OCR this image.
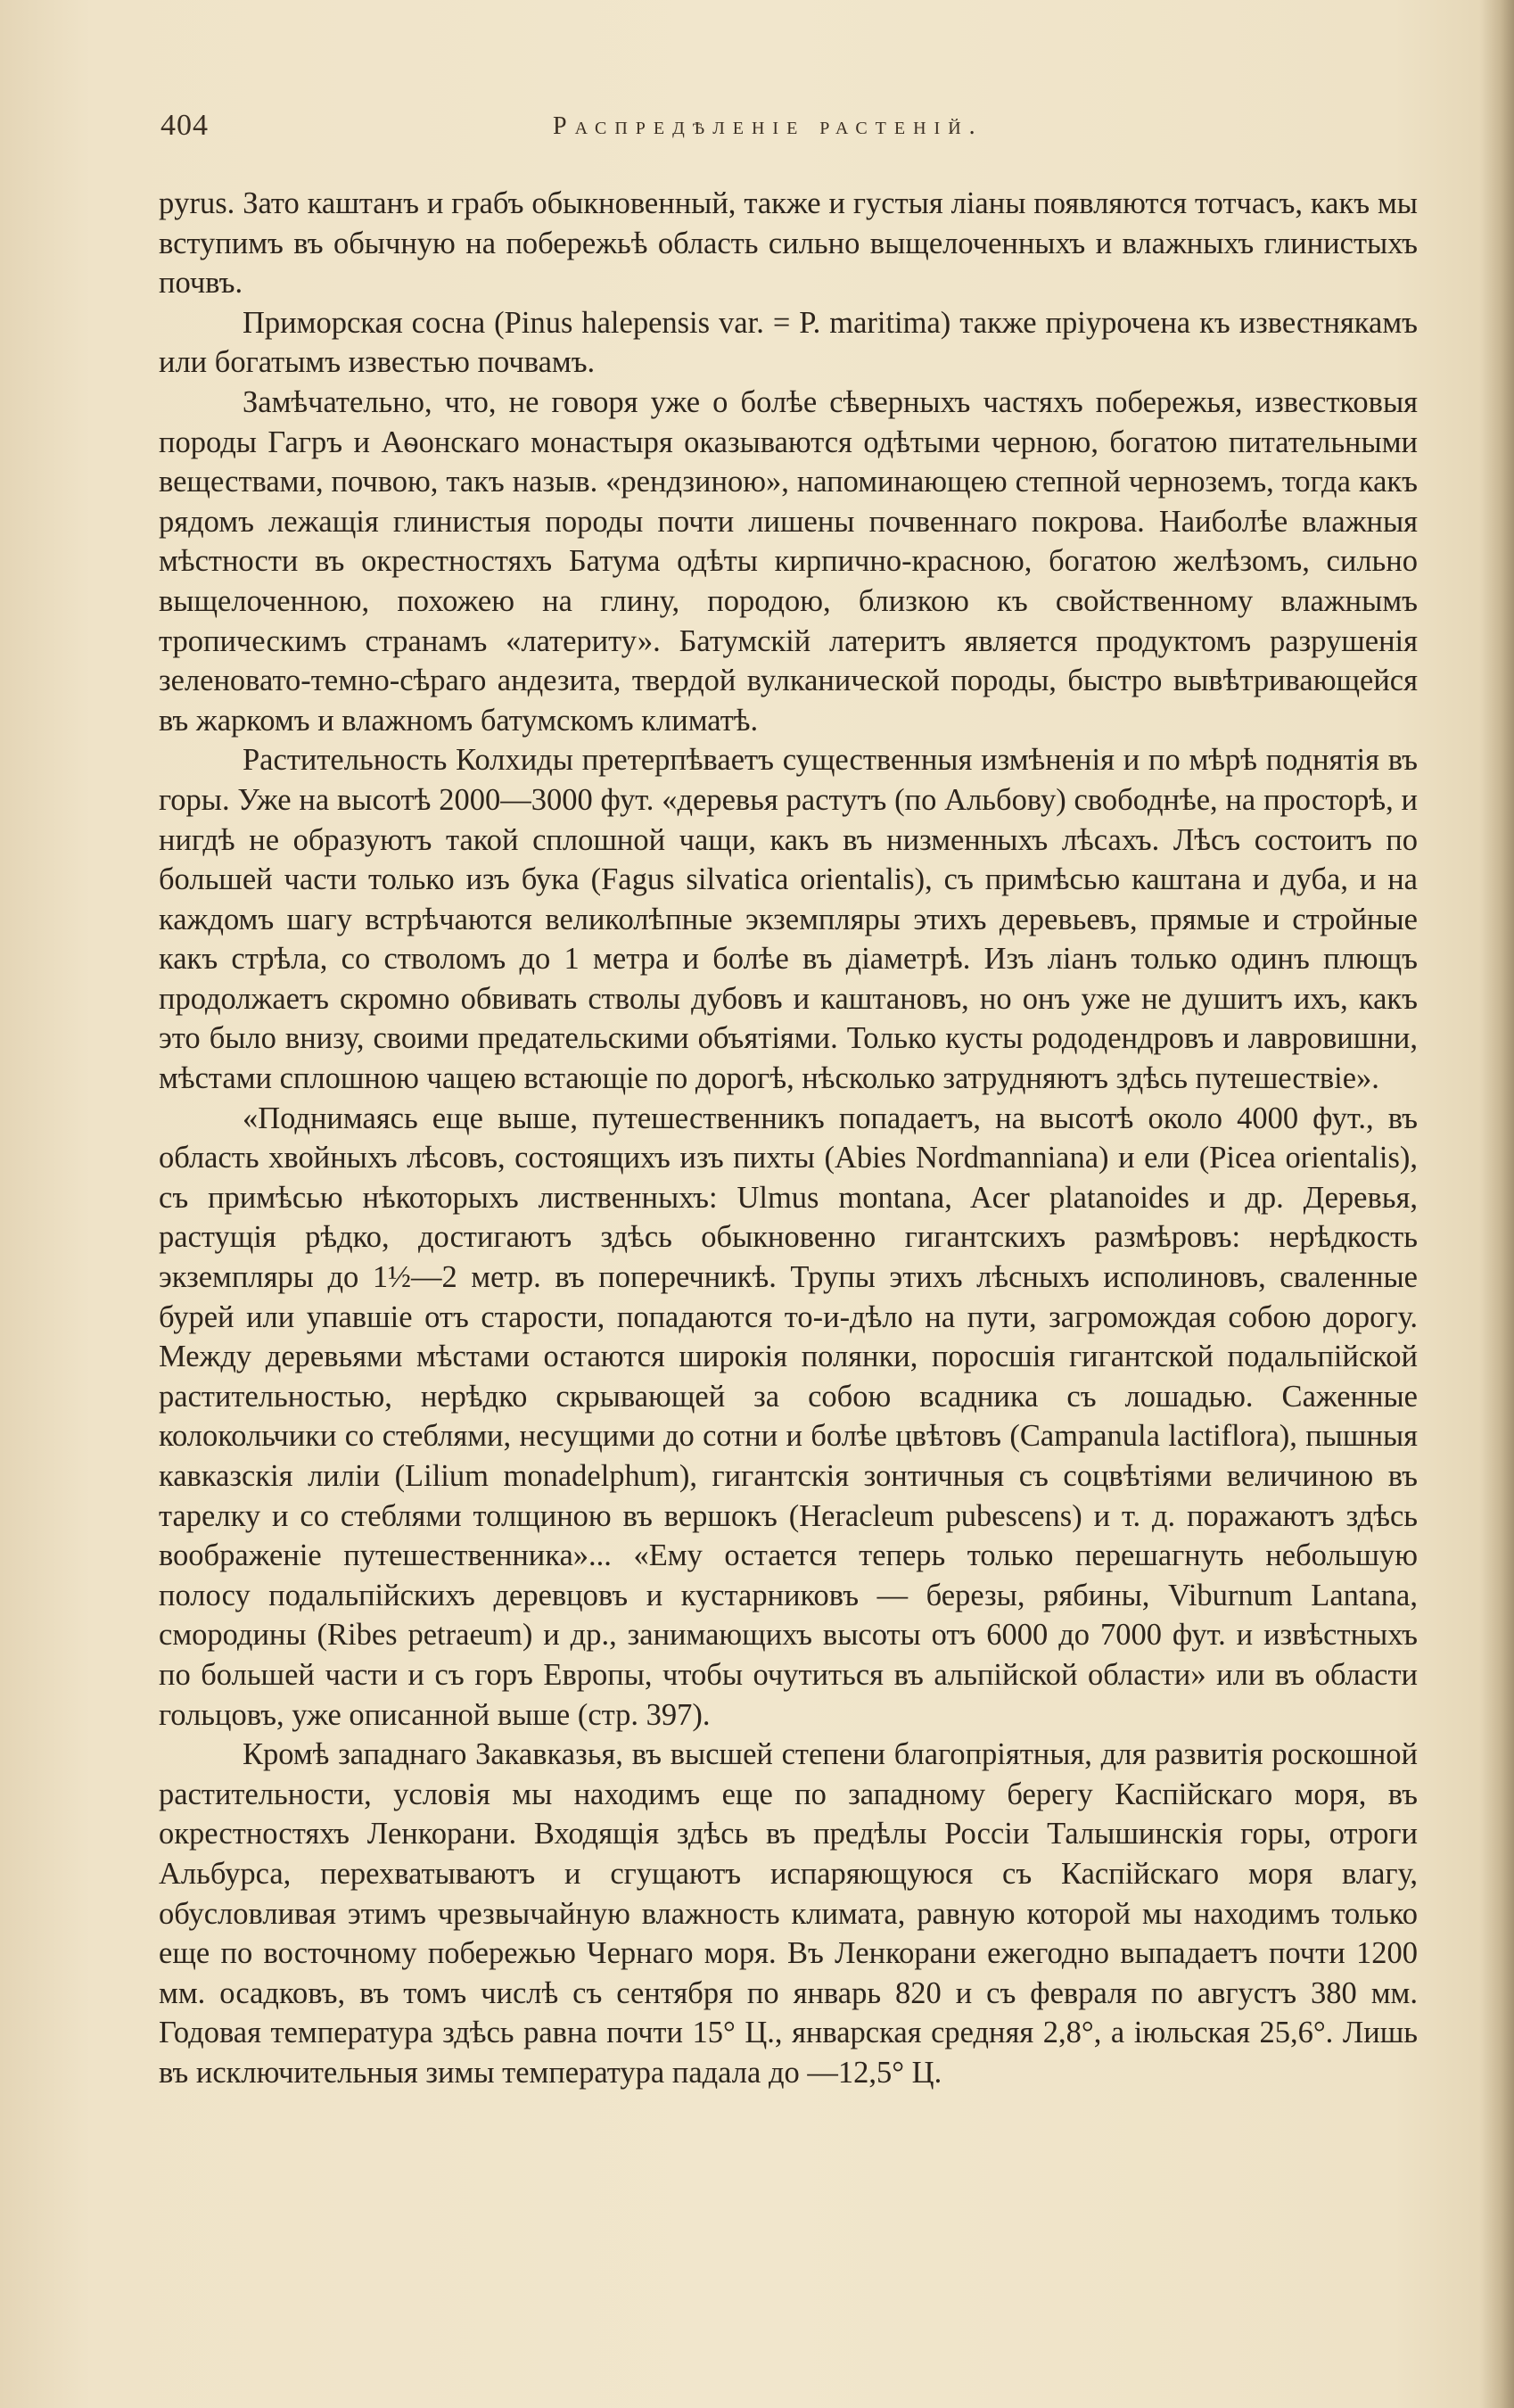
404	Распредѣленіе растеній.

pyrus. Зато каштанъ и грабъ обыкновенный, также и густыя ліаны появляются тотчасъ, какъ мы вступимъ въ обычную на побережьѣ область сильно выщелоченныхъ и влажныхъ глинистыхъ почвъ.

Приморская сосна (Pinus halepensis var. = P. maritima) также пріурочена къ известнякамъ или богатымъ известью почвамъ.

Замѣчательно, что, не говоря уже о болѣе сѣверныхъ частяхъ побережья, известковыя породы Гагръ и Аѳонскаго монастыря оказываются одѣтыми черною, богатою питательными веществами, почвою, такъ назыв. «рендзиною», напоминающею степной черноземъ, тогда какъ рядомъ лежащія глинистыя породы почти лишены почвеннаго покрова. Наиболѣе влажныя мѣстности въ окрестностяхъ Батума одѣты кирпично-красною, богатою желѣзомъ, сильно выщелоченною, похожею на глину, породою, близкою къ свойственному влажнымъ тропическимъ странамъ «латериту». Батумскій латеритъ является продуктомъ разрушенія зеленовато-темно-сѣраго андезита, твердой вулканической породы, быстро вывѣтривающейся въ жаркомъ и влажномъ батумскомъ климатѣ.

Растительность Колхиды претерпѣваетъ существенныя измѣненія и по мѣрѣ поднятія въ горы. Уже на высотѣ 2000—3000 фут. «деревья растутъ (по Альбову) свободнѣе, на просторѣ, и нигдѣ не образуютъ такой сплошной чащи, какъ въ низменныхъ лѣсахъ. Лѣсъ состоитъ по большей части только изъ бука (Fagus silvatica orientalis), съ примѣсью каштана и дуба, и на каждомъ шагу встрѣчаются великолѣпные экземпляры этихъ деревьевъ, прямые и стройные какъ стрѣла, со стволомъ до 1 метра и болѣе въ діаметрѣ. Изъ ліанъ только одинъ плющъ продолжаетъ скромно обвивать стволы дубовъ и каштановъ, но онъ уже не душитъ ихъ, какъ это было внизу, своими предательскими объятіями. Только кусты рододендровъ и лавровишни, мѣстами сплошною чащею встающіе по дорогѣ, нѣсколько затрудняютъ здѣсь путешествіе».

«Поднимаясь еще выше, путешественникъ попадаетъ, на высотѣ около 4000 фут., въ область хвойныхъ лѣсовъ, состоящихъ изъ пихты (Abies Nordmanniana) и ели (Picea orientalis), съ примѣсью нѣкоторыхъ лиственныхъ: Ulmus montana, Acer platanoides и др. Деревья, растущія рѣдко, достигаютъ здѣсь обыкновенно гигантскихъ размѣровъ: нерѣдкость экземпляры до 1½—2 метр. въ поперечникѣ. Трупы этихъ лѣсныхъ исполиновъ, сваленные бурей или упавшіе отъ старости, попадаются то-и-дѣло на пути, загромождая собою дорогу. Между деревьями мѣстами остаются широкія полянки, поросшія гигантской подальпійской растительностью, нерѣдко скрывающей за собою всадника съ лошадью. Саженные колокольчики со стеблями, несущими до сотни и болѣе цвѣтовъ (Campanula lactiflora), пышныя кавказскія лиліи (Lilium monadelphum), гигантскія зонтичныя съ соцвѣтіями величиною въ тарелку и со стеблями толщиною въ вершокъ (Heracleum pubescens) и т. д. поражаютъ здѣсь воображеніе путешественника»... «Ему остается теперь только перешагнуть небольшую полосу подальпійскихъ деревцовъ и кустарниковъ — березы, рябины, Viburnum Lantana, смородины (Ribes petraeum) и др., занимающихъ высоты отъ 6000 до 7000 фут. и извѣстныхъ по большей части и съ горъ Европы, чтобы очутиться въ альпійской области» или въ области гольцовъ, уже описанной выше (стр. 397).

Кромѣ западнаго Закавказья, въ высшей степени благопріятныя, для развитія роскошной растительности, условія мы находимъ еще по западному берегу Каспійскаго моря, въ окрестностяхъ Ленкорани. Входящія здѣсь въ предѣлы Россіи Талышинскія горы, отроги Альбурса, перехватываютъ и сгущаютъ испаряющуюся съ Каспійскаго моря влагу, обусловливая этимъ чрезвычайную влажность климата, равную которой мы находимъ только еще по восточному побережью Чернаго моря. Въ Ленкорани ежегодно выпадаетъ почти 1200 мм. осадковъ, въ томъ числѣ съ сентября по январь 820 и съ февраля по августъ 380 мм. Годовая температура здѣсь равна почти 15° Ц., январская средняя 2,8°, а іюльская 25,6°. Лишь въ исключительныя зимы температура падала до —12,5° Ц.
